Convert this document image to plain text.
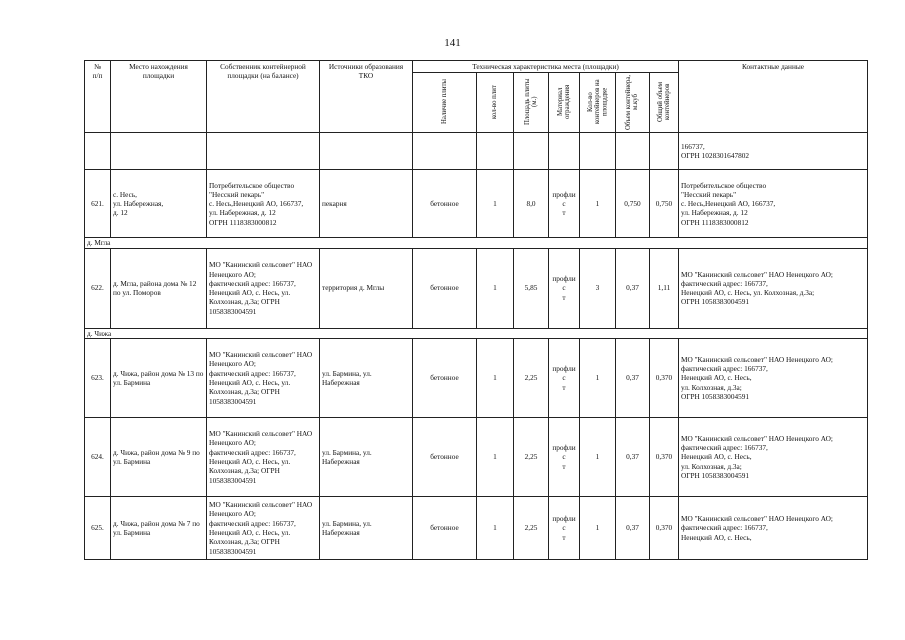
141
№
п/п	Место нахождения площадки	Собственник контейнерной площадки (на балансе)	Источники образования ТКО	Техническая характеристика места (площадки)							Контактные данные

				Наличие плиты	кол-во плит	Площадь плиты (м.)	Материал ограждения	Кол-во контейнеров на площадке	Объем контейнера, м.куб	Общий объем контейнеров	

											166737,
ОГРН 1028301647802
621.	с. Несь,
ул. Набережная,
д. 12	Потребительское общество "Несский пекарь"
с. Несь,Ненецкий АО, 166737,
ул. Набережная, д. 12
ОГРН 1118383000812	пекарня	бетонное	1	8,0	профлис
т	1	0,750	0,750	Потребительское общество
"Несский пекарь"
с. Несь,Ненецкий АО, 166737,
ул. Набережная, д. 12
ОГРН 1118383000812
д. Мгла											
622.	д. Мгла, района дома № 12 по ул. Поморов	МО "Канинский сельсовет" НАО Ненецкого АО;
фактический адрес: 166737, Ненецкий АО, с. Несь, ул. Колхозная, д.3а; ОГРН 1058383004591	территория д. Мглы	бетонное	1	5,85	профлис
т	3	0,37	1,11	МО "Канинский сельсовет" НАО Ненецкого АО;
фактический адрес: 166737,
Ненецкий АО, с. Несь, ул. Колхозная, д.3а;
ОГРН 1058383004591
д. Чижа											
623.	д. Чижа, район дома № 13 по ул. Бармина	МО "Канинский сельсовет" НАО Ненецкого АО;
фактический адрес: 166737, Ненецкий АО, с. Несь, ул. Колхозная, д.3а; ОГРН 1058383004591	ул. Бармина, ул. Набережная	бетонное	1	2,25	профлис
т	1	0,37	0,370	МО "Канинский сельсовет" НАО Ненецкого АО;
фактический адрес: 166737,
Ненецкий АО, с. Несь,
ул. Колхозная, д.3а;
ОГРН 1058383004591
624.	д. Чижа, район дома № 9 по ул. Бармина	МО "Канинский сельсовет" НАО Ненецкого АО;
фактический адрес: 166737, Ненецкий АО, с. Несь, ул. Колхозная, д.3а; ОГРН 1058383004591	ул. Бармина, ул. Набережная	бетонное	1	2,25	профлис
т	1	0,37	0,370	МО "Канинский сельсовет" НАО Ненецкого АО;
фактический адрес: 166737,
Ненецкий АО, с. Несь,
ул. Колхозная, д.3а;
ОГРН 1058383004591
625.	д. Чижа, район дома № 7 по ул. Бармина	МО "Канинский сельсовет" НАО Ненецкого АО;
фактический адрес: 166737, Ненецкий АО, с. Несь, ул. Колхозная, д.3а; ОГРН 1058383004591	ул. Бармина, ул. Набережная	бетонное	1	2,25	профлис
т	1	0,37	0,370	МО "Канинский сельсовет" НАО Ненецкого АО;
фактический адрес: 166737,
Ненецкий АО, с. Несь,
